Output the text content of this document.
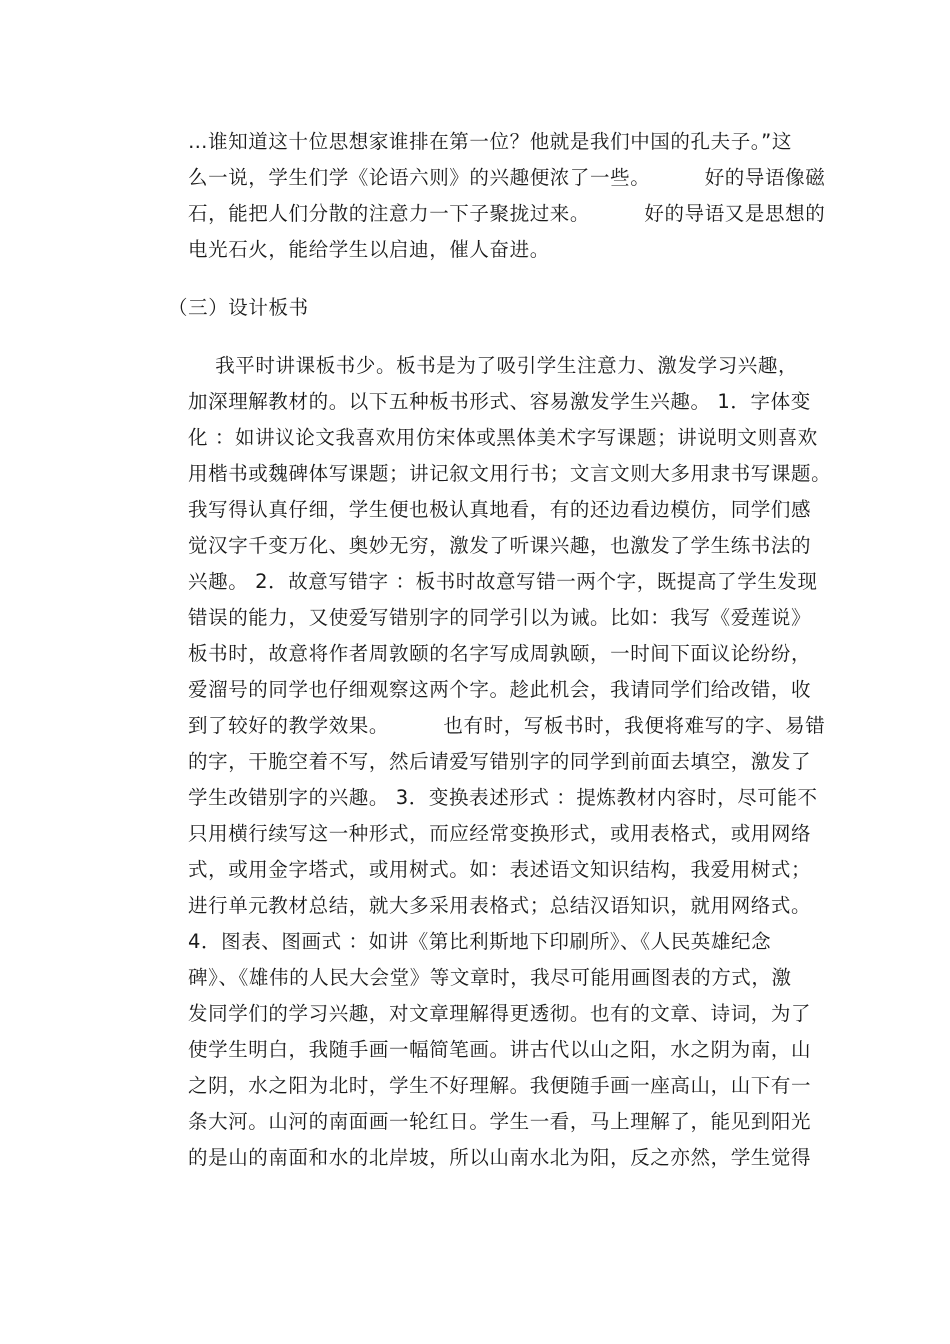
…谁知道这十位思想家谁排在第一位？他就是我们中国的孔夫子。”这
么一说，学生们学《论语六则》的兴趣便浓了一些。        好的导语像磁
石，能把人们分散的注意力一下子聚拢过来。        好的导语又是思想的
电光石火，能给学生以启迪，催人奋进。
（三）设计板书
我平时讲课板书少。板书是为了吸引学生注意力、激发学习兴趣，
加深理解教材的。以下五种板书形式、容易激发学生兴趣。 1．字体变
化 ：如讲议论文我喜欢用仿宋体或黑体美术字写课题；讲说明文则喜欢
用楷书或魏碑体写课题；讲记叙文用行书；文言文则大多用隶书写课题。
我写得认真仔细，学生便也极认真地看，有的还边看边模仿，同学们感
觉汉字千变万化、奥妙无穷，激发了听课兴趣，也激发了学生练书法的
兴趣。 2．故意写错字 ：板书时故意写错一两个字，既提高了学生发现
错误的能力，又使爱写错别字的同学引以为诫。比如：我写《爱莲说》
板书时，故意将作者周敦颐的名字写成周孰颐，一时间下面议论纷纷，
爱溜号的同学也仔细观察这两个字。趁此机会，我请同学们给改错，收
到了较好的教学效果。        也有时，写板书时，我便将难写的字、易错
的字，干脆空着不写，然后请爱写错别字的同学到前面去填空，激发了
学生改错别字的兴趣。 3．变换表述形式 ：提炼教材内容时，尽可能不
只用横行续写这一种形式，而应经常变换形式，或用表格式，或用网络
式，或用金字塔式，或用树式。如：表述语文知识结构，我爱用树式；
进行单元教材总结，就大多采用表格式；总结汉语知识，就用网络式。
4．图表、图画式 ：如讲《第比利斯地下印刷所》、《人民英雄纪念
碑》、《雄伟的人民大会堂》等文章时，我尽可能用画图表的方式，激
发同学们的学习兴趣，对文章理解得更透彻。也有的文章、诗词，为了
使学生明白，我随手画一幅简笔画。讲古代以山之阳，水之阴为南，山
之阴，水之阳为北时，学生不好理解。我便随手画一座高山，山下有一
条大河。山河的南面画一轮红日。学生一看，马上理解了，能见到阳光
的是山的南面和水的北岸坡，所以山南水北为阳，反之亦然，学生觉得
